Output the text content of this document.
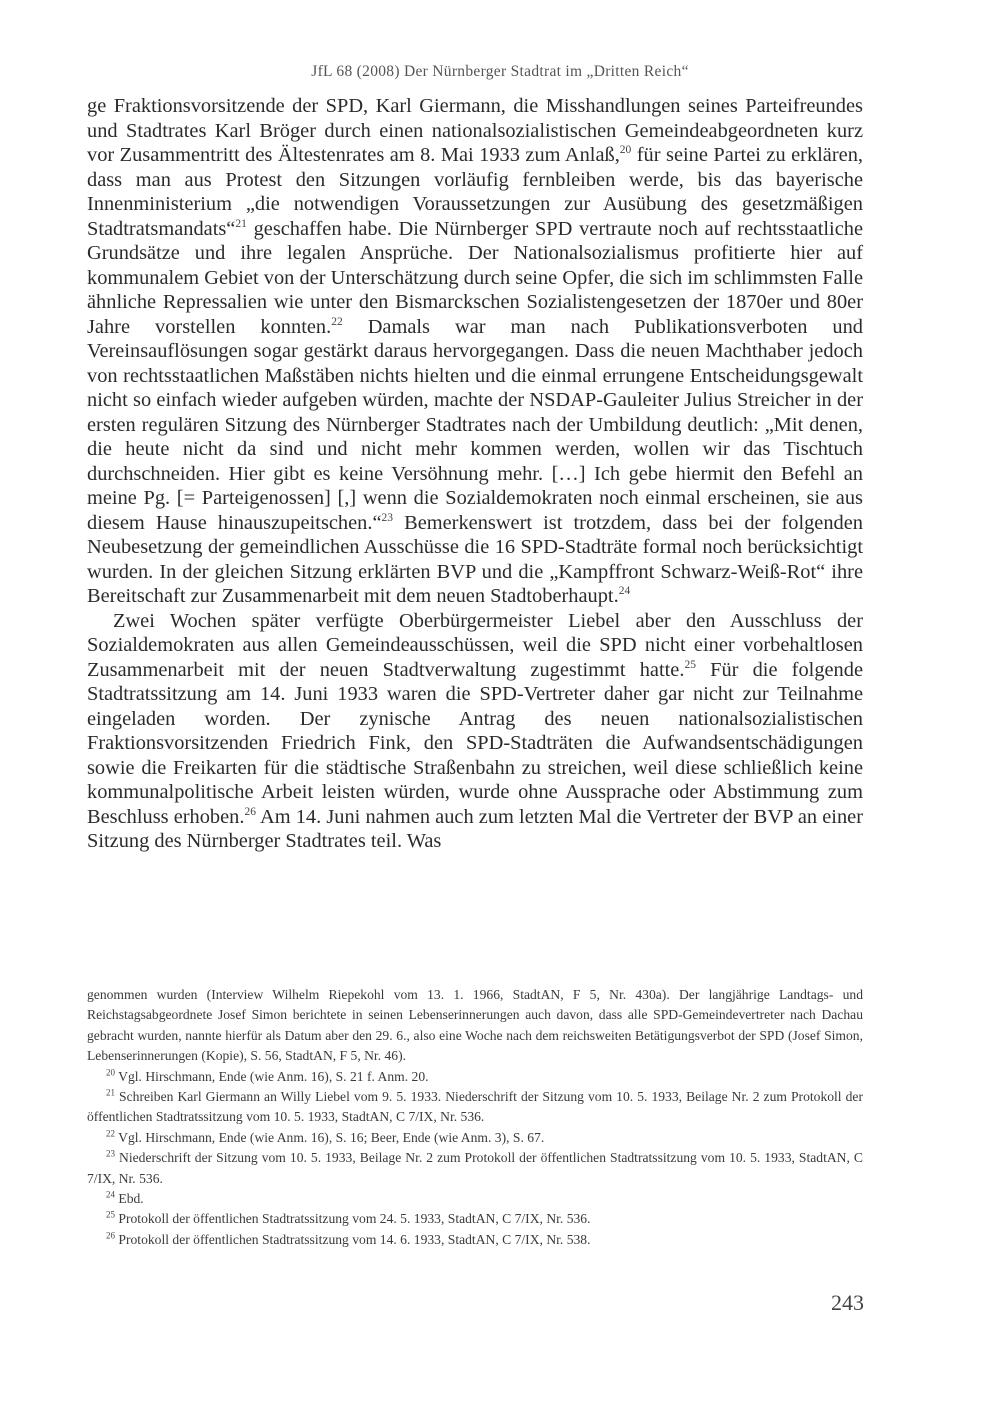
JfL 68 (2008) Der Nürnberger Stadtrat im „Dritten Reich“

ge Fraktionsvorsitzende der SPD, Karl Giermann, die Misshandlungen seines Parteifreundes und Stadtrates Karl Bröger durch einen nationalsozialistischen Gemeindeabgeordneten kurz vor Zusammentritt des Ältestenrates am 8. Mai 1933 zum Anlaß,$^{20}$ für seine Partei zu erklären, dass man aus Protest den Sitzungen vorläufig fernbleiben werde, bis das bayerische Innenministerium „die notwendigen Voraussetzungen zur Ausübung des gesetzmäßigen Stadtratsmandats“$^{21}$ geschaffen habe. Die Nürnberger SPD vertraute noch auf rechtsstaatliche Grundsätze und ihre legalen Ansprüche. Der Nationalsozialismus profitierte hier auf kommunalem Gebiet von der Unterschätzung durch seine Opfer, die sich im schlimmsten Falle ähnliche Repressalien wie unter den Bismarckschen Sozialistengesetzen der 1870er und 80er Jahre vorstellen konnten.$^{22}$ Damals war man nach Publikationsverboten und Vereinsauflösungen sogar gestärkt daraus hervorgegangen. Dass die neuen Machthaber jedoch von rechtsstaatlichen Maßstäben nichts hielten und die einmal errungene Entscheidungsgewalt nicht so einfach wieder aufgeben würden, machte der NSDAP-Gauleiter Julius Streicher in der ersten regulären Sitzung des Nürnberger Stadtrates nach der Umbildung deutlich: „Mit denen, die heute nicht da sind und nicht mehr kommen werden, wollen wir das Tischtuch durchschneiden. Hier gibt es keine Versöhnung mehr. […] Ich gebe hiermit den Befehl an meine Pg. [= Parteigenossen] [,] wenn die Sozialdemokraten noch einmal erscheinen, sie aus diesem Hause hinauszupeitschen.“$^{23}$ Bemerkenswert ist trotzdem, dass bei der folgenden Neubesetzung der gemeindlichen Ausschüsse die 16 SPD-Stadträte formal noch berücksichtigt wurden. In der gleichen Sitzung erklärten BVP und die „Kampffront Schwarz-Weiß-Rot“ ihre Bereitschaft zur Zusammenarbeit mit dem neuen Stadtoberhaupt.$^{24}$

Zwei Wochen später verfügte Oberbürgermeister Liebel aber den Ausschluss der Sozialdemokraten aus allen Gemeindeausschüssen, weil die SPD nicht einer vorbehaltlosen Zusammenarbeit mit der neuen Stadtverwaltung zugestimmt hatte.$^{25}$ Für die folgende Stadtratssitzung am 14. Juni 1933 waren die SPD-Vertreter daher gar nicht zur Teilnahme eingeladen worden. Der zynische Antrag des neuen nationalsozialistischen Fraktionsvorsitzenden Friedrich Fink, den SPD-Stadträten die Aufwandsentschädigungen sowie die Freikarten für die städtische Straßenbahn zu streichen, weil diese schließlich keine kommunalpolitische Arbeit leisten würden, wurde ohne Aussprache oder Abstimmung zum Beschluss erhoben.$^{26}$ Am 14. Juni nahmen auch zum letzten Mal die Vertreter der BVP an einer Sitzung des Nürnberger Stadtrates teil. Was

genommen wurden (Interview Wilhelm Riepekohl vom 13. 1. 1966, StadtAN, F 5, Nr. 430a). Der langjährige Landtags- und Reichstagsabgeordnete Josef Simon berichtete in seinen Lebenserinnerungen auch davon, dass alle SPD-Gemeindevertreter nach Dachau gebracht wurden, nannte hierfür als Datum aber den 29. 6., also eine Woche nach dem reichsweiten Betätigungsverbot der SPD (Josef Simon, Lebenserinnerungen (Kopie), S. 56, StadtAN, F 5, Nr. 46).

$^{20}$ Vgl. Hirschmann, Ende (wie Anm. 16), S. 21 f. Anm. 20.

$^{21}$ Schreiben Karl Giermann an Willy Liebel vom 9. 5. 1933. Niederschrift der Sitzung vom 10. 5. 1933, Beilage Nr. 2 zum Protokoll der öffentlichen Stadtratssitzung vom 10. 5. 1933, StadtAN, C 7/IX, Nr. 536.

$^{22}$ Vgl. Hirschmann, Ende (wie Anm. 16), S. 16; Beer, Ende (wie Anm. 3), S. 67.

$^{23}$ Niederschrift der Sitzung vom 10. 5. 1933, Beilage Nr. 2 zum Protokoll der öffentlichen Stadtratssitzung vom 10. 5. 1933, StadtAN, C 7/IX, Nr. 536.

$^{24}$ Ebd.

$^{25}$ Protokoll der öffentlichen Stadtratssitzung vom 24. 5. 1933, StadtAN, C 7/IX, Nr. 536.

$^{26}$ Protokoll der öffentlichen Stadtratssitzung vom 14. 6. 1933, StadtAN, C 7/IX, Nr. 538.

243
